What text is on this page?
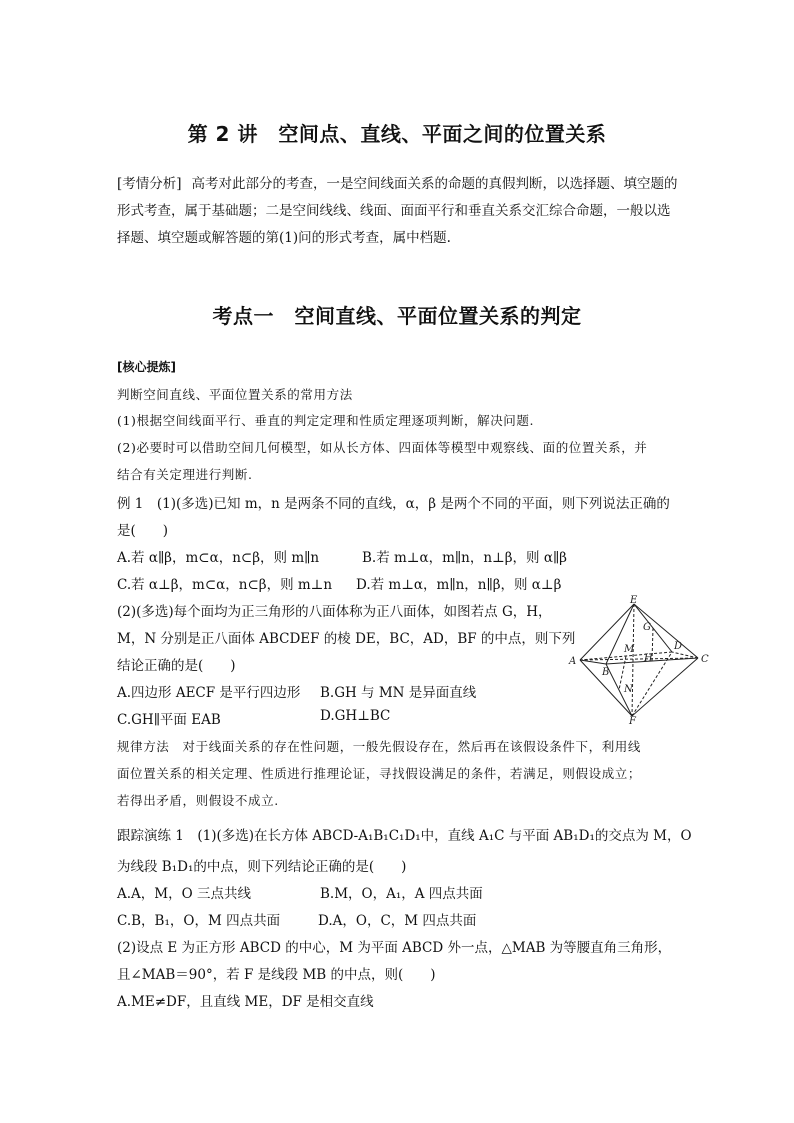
第 2 讲　空间点、直线、平面之间的位置关系
[考情分析] 高考对此部分的考查，一是空间线面关系的命题的真假判断，以选择题、填空题的形式考查，属于基础题；二是空间线线、线面、面面平行和垂直关系交汇综合命题，一般以选择题、填空题或解答题的第(1)问的形式考查，属中档题.
考点一　空间直线、平面位置关系的判定
[核心提炼]
判断空间直线、平面位置关系的常用方法
(1)根据空间线面平行、垂直的判定定理和性质定理逐项判断，解决问题.
(2)必要时可以借助空间几何模型，如从长方体、四面体等模型中观察线、面的位置关系，并
结合有关定理进行判断.
例 1　(1)(多选)已知 m，n 是两条不同的直线，α，β 是两个不同的平面，则下列说法正确的
是(　　)
A.若 α∥β，m⊂α，n⊂β，则 m∥n	B.若 m⊥α，m∥n，n⊥β，则 α∥β
C.若 α⊥β，m⊂α，n⊂β，则 m⊥n D.若 m⊥α，m∥n，n∥β，则 α⊥β
(2)(多选)每个面均为正三角形的八面体称为正八面体，如图若点 G，H，
M，N 分别是正八面体 ABCDEF 的棱 DE，BC，AD，BF 的中点，则下列
结论正确的是(　　)
A.四边形 AECF 是平行四边形 B.GH 与 MN 是异面直线
C.GH∥平面 EAB	D.GH⊥BC
E
A
B
C
D
F
G
H
M
N
规律方法　对于线面关系的存在性问题，一般先假设存在，然后再在该假设条件下，利用线
面位置关系的相关定理、性质进行推理论证，寻找假设满足的条件，若满足，则假设成立；
若得出矛盾，则假设不成立.
跟踪演练 1　(1)(多选)在长方体 ABCD-A₁B₁C₁D₁中，直线 A₁C 与平面 AB₁D₁的交点为 M，O
为线段 B₁D₁的中点，则下列结论正确的是(　　)
A.A，M，O 三点共线	B.M，O，A₁，A 四点共面
C.B，B₁，O，M 四点共面	D.A，O，C，M 四点共面
(2)设点 E 为正方形 ABCD 的中心，M 为平面 ABCD 外一点，△MAB 为等腰直角三角形，
且∠MAB＝90°，若 F 是线段 MB 的中点，则(　　)
A.ME≠DF，且直线 ME，DF 是相交直线
